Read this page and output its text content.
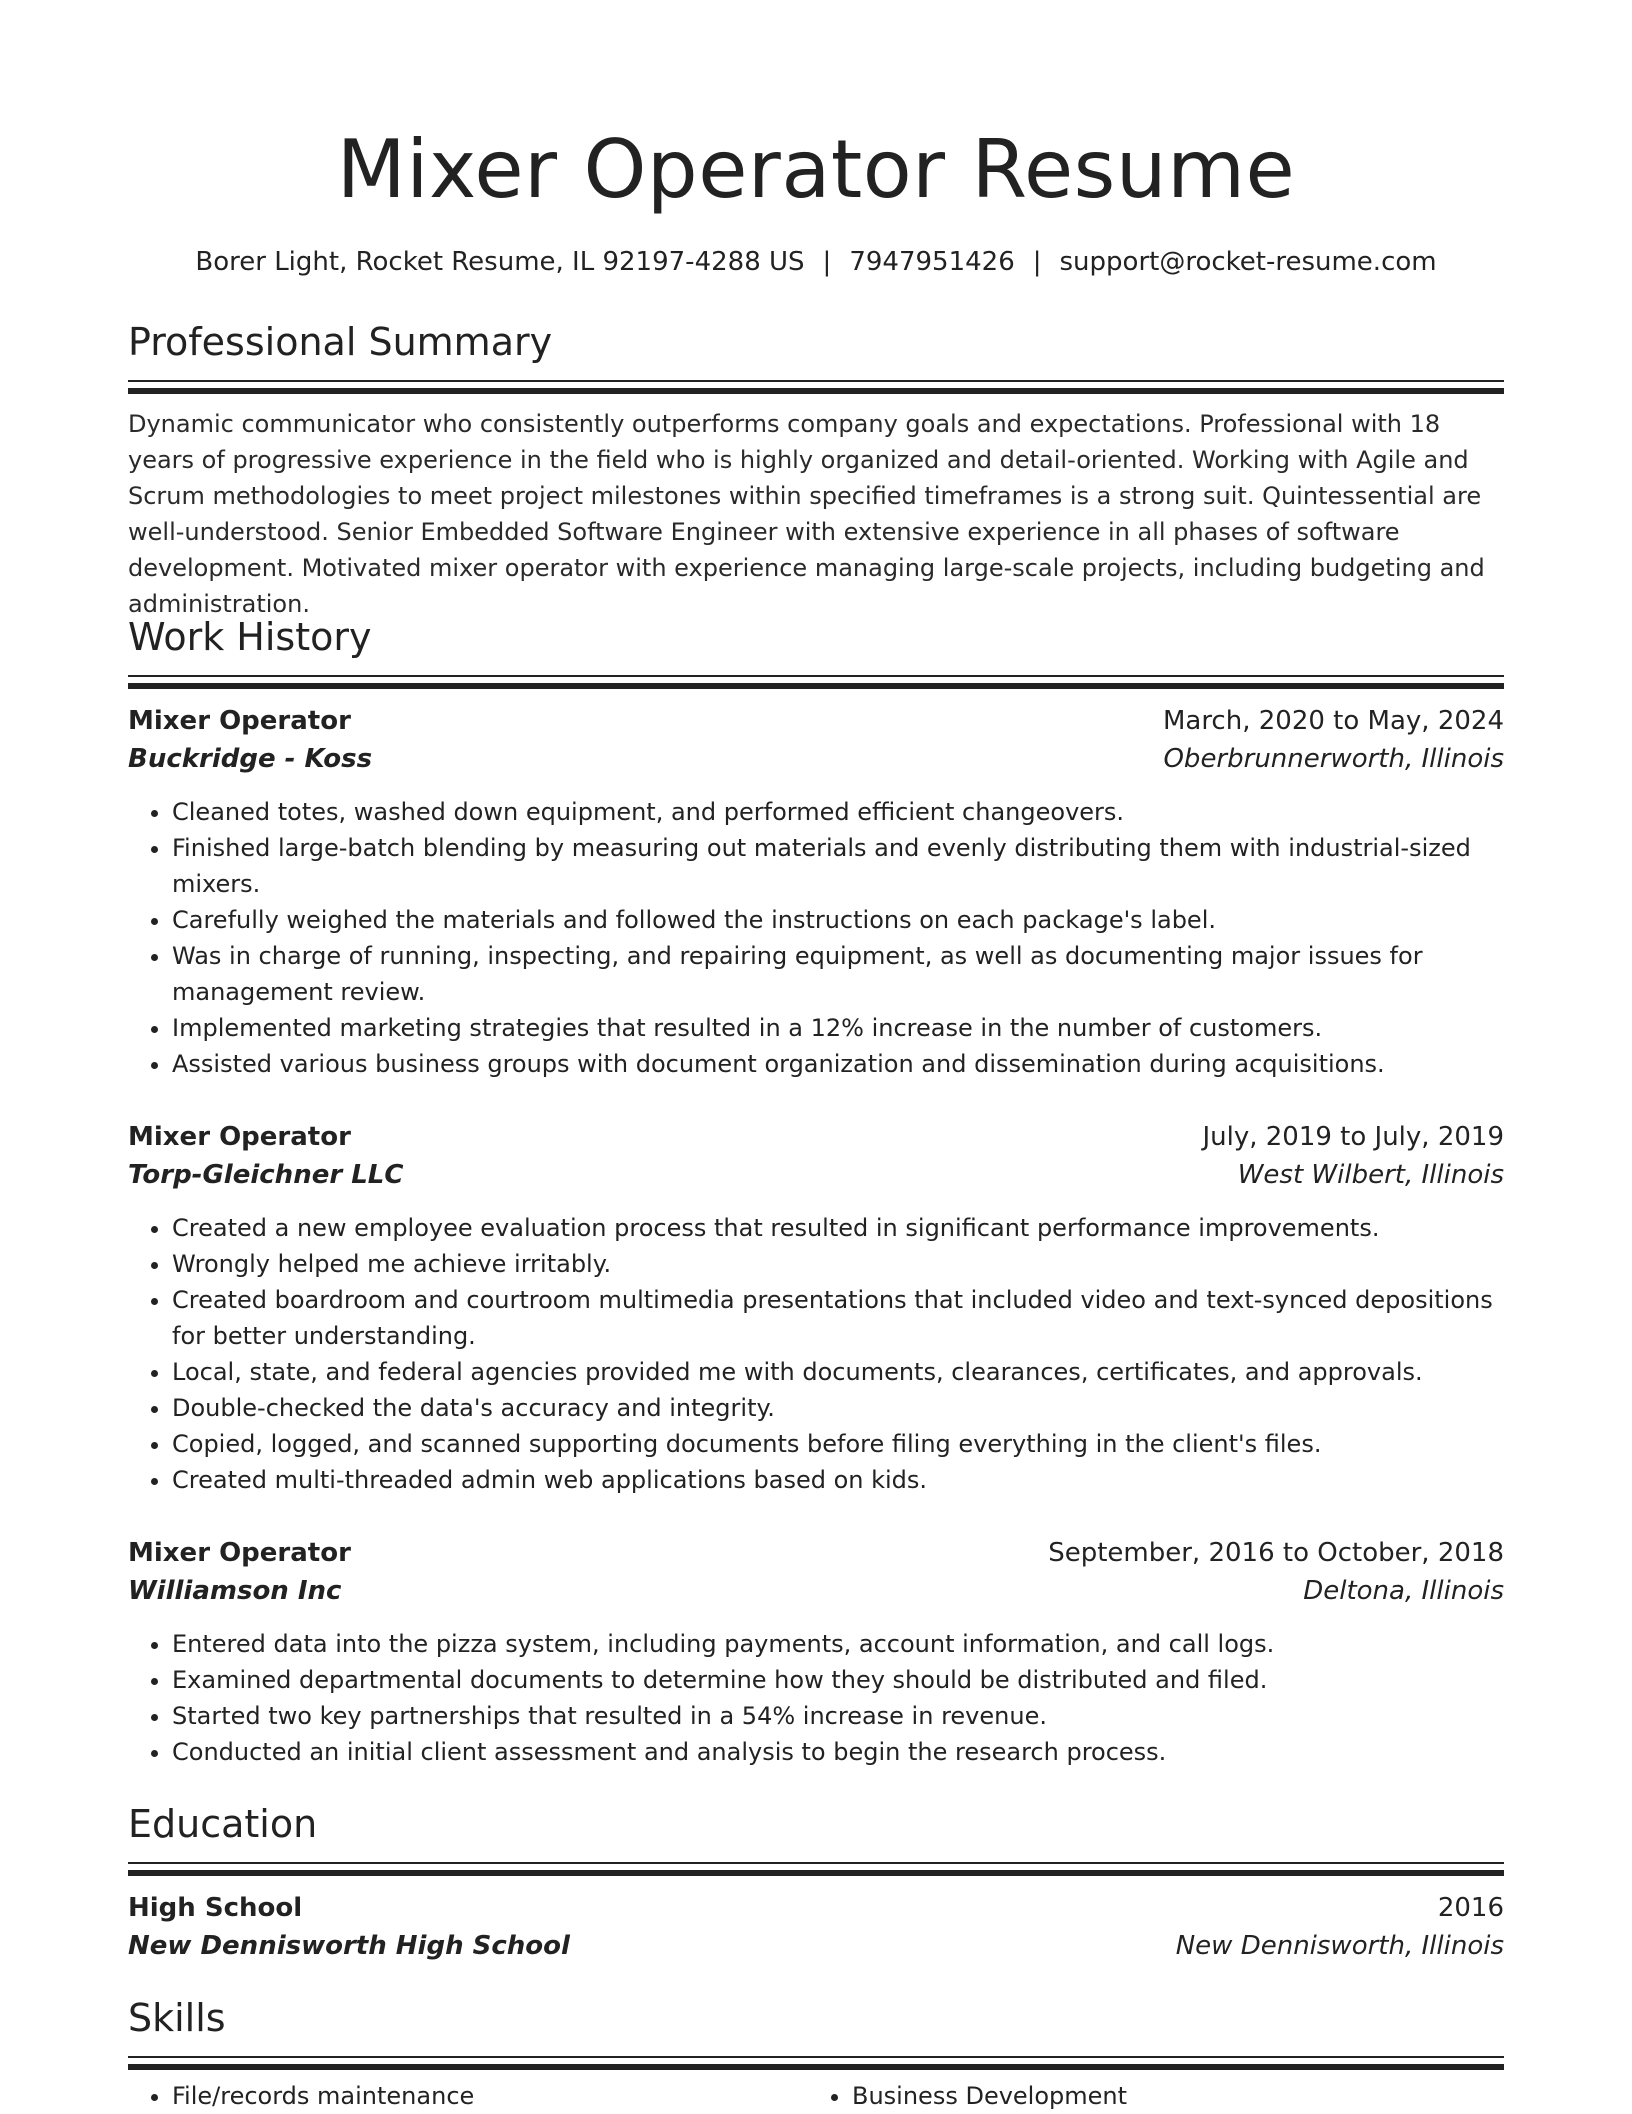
Mixer Operator Resume
Borer Light, Rocket Resume, IL 92197-4288 US | 7947951426 | support@rocket-resume.com
Professional Summary
Dynamic communicator who consistently outperforms company goals and expectations. Professional with 18 years of progressive experience in the field who is highly organized and detail-oriented. Working with Agile and Scrum methodologies to meet project milestones within specified timeframes is a strong suit. Quintessential are well-understood. Senior Embedded Software Engineer with extensive experience in all phases of software development. Motivated mixer operator with experience managing large-scale projects, including budgeting and administration.
Work History
Mixer Operator	March, 2020 to May, 2024
Buckridge - Koss	Oberbrunnerworth, Illinois
• Cleaned totes, washed down equipment, and performed efficient changeovers.
• Finished large-batch blending by measuring out materials and evenly distributing them with industrial-sized mixers.
• Carefully weighed the materials and followed the instructions on each package's label.
• Was in charge of running, inspecting, and repairing equipment, as well as documenting major issues for management review.
• Implemented marketing strategies that resulted in a 12% increase in the number of customers.
• Assisted various business groups with document organization and dissemination during acquisitions.
Mixer Operator	July, 2019 to July, 2019
Torp-Gleichner LLC	West Wilbert, Illinois
• Created a new employee evaluation process that resulted in significant performance improvements.
• Wrongly helped me achieve irritably.
• Created boardroom and courtroom multimedia presentations that included video and text-synced depositions for better understanding.
• Local, state, and federal agencies provided me with documents, clearances, certificates, and approvals.
• Double-checked the data's accuracy and integrity.
• Copied, logged, and scanned supporting documents before filing everything in the client's files.
• Created multi-threaded admin web applications based on kids.
Mixer Operator	September, 2016 to October, 2018
Williamson Inc	Deltona, Illinois
• Entered data into the pizza system, including payments, account information, and call logs.
• Examined departmental documents to determine how they should be distributed and filed.
• Started two key partnerships that resulted in a 54% increase in revenue.
• Conducted an initial client assessment and analysis to begin the research process.
Education
High School	2016
New Dennisworth High School	New Dennisworth, Illinois
Skills
• File/records maintenance
•	Business Development
